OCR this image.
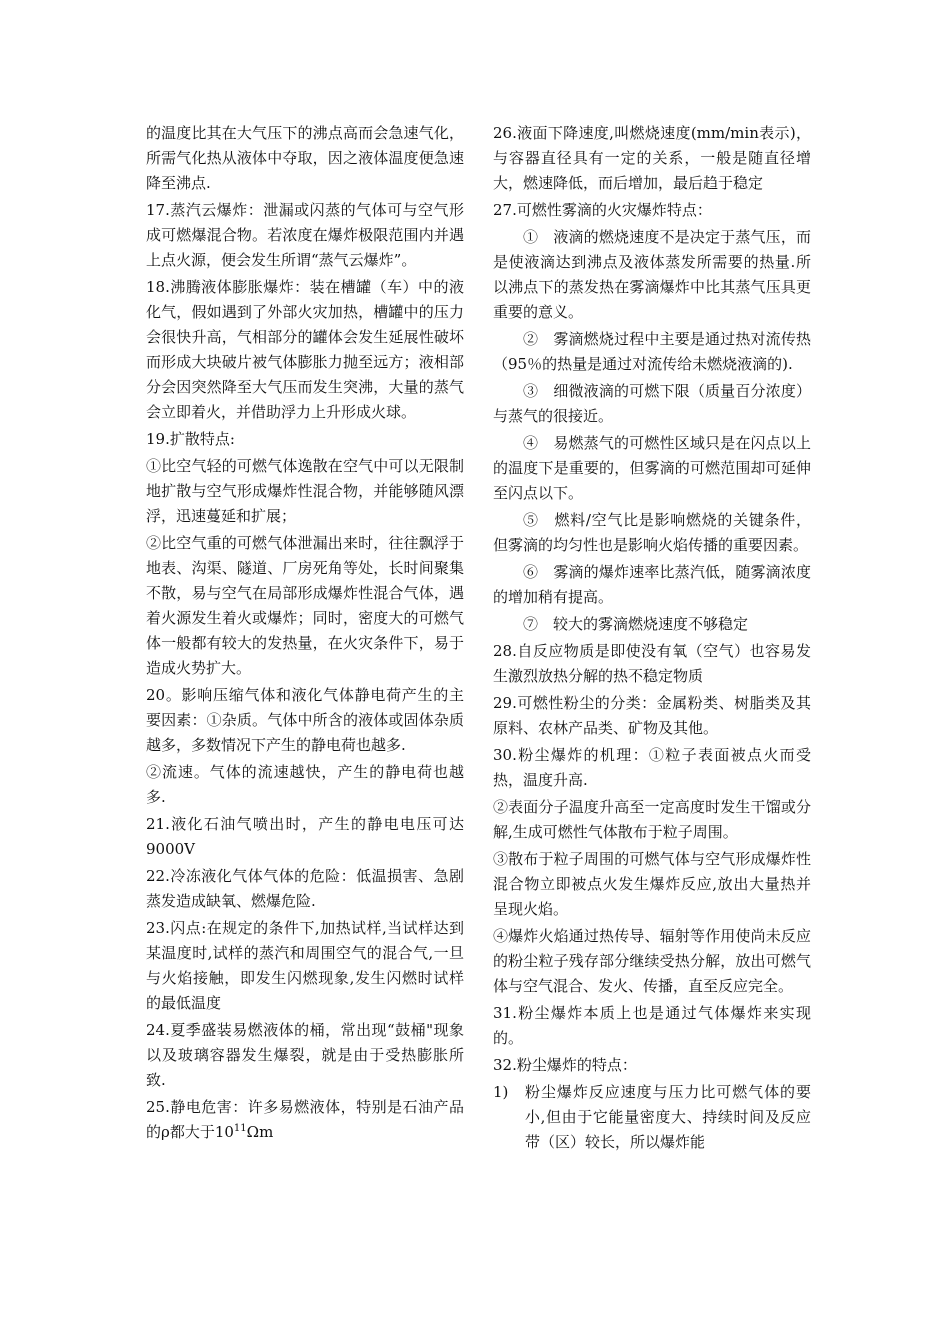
的温度比其在大气压下的沸点高而会急速气化，所需气化热从液体中夺取，因之液体温度便急速降至沸点.

17.蒸汽云爆炸：泄漏或闪蒸的气体可与空气形成可燃爆混合物。若浓度在爆炸极限范围内并遇上点火源，便会发生所谓“蒸气云爆炸”。

18.沸腾液体膨胀爆炸：装在槽罐（车）中的液化气，假如遇到了外部火灾加热，槽罐中的压力会很快升高，气相部分的罐体会发生延展性破坏而形成大块破片被气体膨胀力抛至远方；液相部分会因突然降至大气压而发生突沸，大量的蒸气会立即着火，并借助浮力上升形成火球。

19.扩散特点:

①比空气轻的可燃气体逸散在空气中可以无限制地扩散与空气形成爆炸性混合物，并能够随风漂浮，迅速蔓延和扩展；

②比空气重的可燃气体泄漏出来时，往往飘浮于地表、沟渠、隧道、厂房死角等处，长时间聚集不散，易与空气在局部形成爆炸性混合气体，遇着火源发生着火或爆炸；同时，密度大的可燃气体一般都有较大的发热量，在火灾条件下，易于造成火势扩大。

20。影响压缩气体和液化气体静电荷产生的主要因素：①杂质。气体中所含的液体或固体杂质越多，多数情况下产生的静电荷也越多.

②流速。气体的流速越快，产生的静电荷也越多.

21.液化石油气喷出时，产生的静电电压可达9000V

22.冷冻液化气体气体的危险：低温损害、急剧蒸发造成缺氧、燃爆危险.

23.闪点:在规定的条件下,加热试样,当试样达到某温度时,试样的蒸汽和周围空气的混合气,一旦与火焰接触，即发生闪燃现象,发生闪燃时试样的最低温度

24.夏季盛装易燃液体的桶，常出现“鼓桶"现象以及玻璃容器发生爆裂，就是由于受热膨胀所致.

25.静电危害：许多易燃液体，特别是石油产品的ρ都大于$10^{11}\Omega m$

26.液面下降速度,叫燃烧速度(mm/min表示)，与容器直径具有一定的关系，一般是随直径增大，燃速降低，而后增加，最后趋于稳定

27.可燃性雾滴的火灾爆炸特点：

①　液滴的燃烧速度不是决定于蒸气压，而是使液滴达到沸点及液体蒸发所需要的热量.所以沸点下的蒸发热在雾滴爆炸中比其蒸气压具更重要的意义。

②　雾滴燃烧过程中主要是通过热对流传热（95％的热量是通过对流传给未燃烧液滴的).

③　细微液滴的可燃下限（质量百分浓度）与蒸气的很接近。

④　易燃蒸气的可燃性区域只是在闪点以上的温度下是重要的，但雾滴的可燃范围却可延伸至闪点以下。

⑤　燃料/空气比是影响燃烧的关键条件，但雾滴的均匀性也是影响火焰传播的重要因素。

⑥　雾滴的爆炸速率比蒸汽低，随雾滴浓度的增加稍有提高。

⑦　较大的雾滴燃烧速度不够稳定

28.自反应物质是即使没有氧（空气）也容易发生激烈放热分解的热不稳定物质

29.可燃性粉尘的分类：金属粉类、树脂类及其原料、农林产品类、矿物及其他。

30.粉尘爆炸的机理：①粒子表面被点火而受热，温度升高.

②表面分子温度升高至一定高度时发生干馏或分解,生成可燃性气体散布于粒子周围。

③散布于粒子周围的可燃气体与空气形成爆炸性混合物立即被点火发生爆炸反应,放出大量热并呈现火焰。

④爆炸火焰通过热传导、辐射等作用使尚未反应的粉尘粒子残存部分继续受热分解，放出可燃气体与空气混合、发火、传播，直至反应完全。

31.粉尘爆炸本质上也是通过气体爆炸来实现的。

32.粉尘爆炸的特点：

1)	粉尘爆炸反应速度与压力比可燃气体的要小,但由于它能量密度大、持续时间及反应带（区）较长，所以爆炸能
